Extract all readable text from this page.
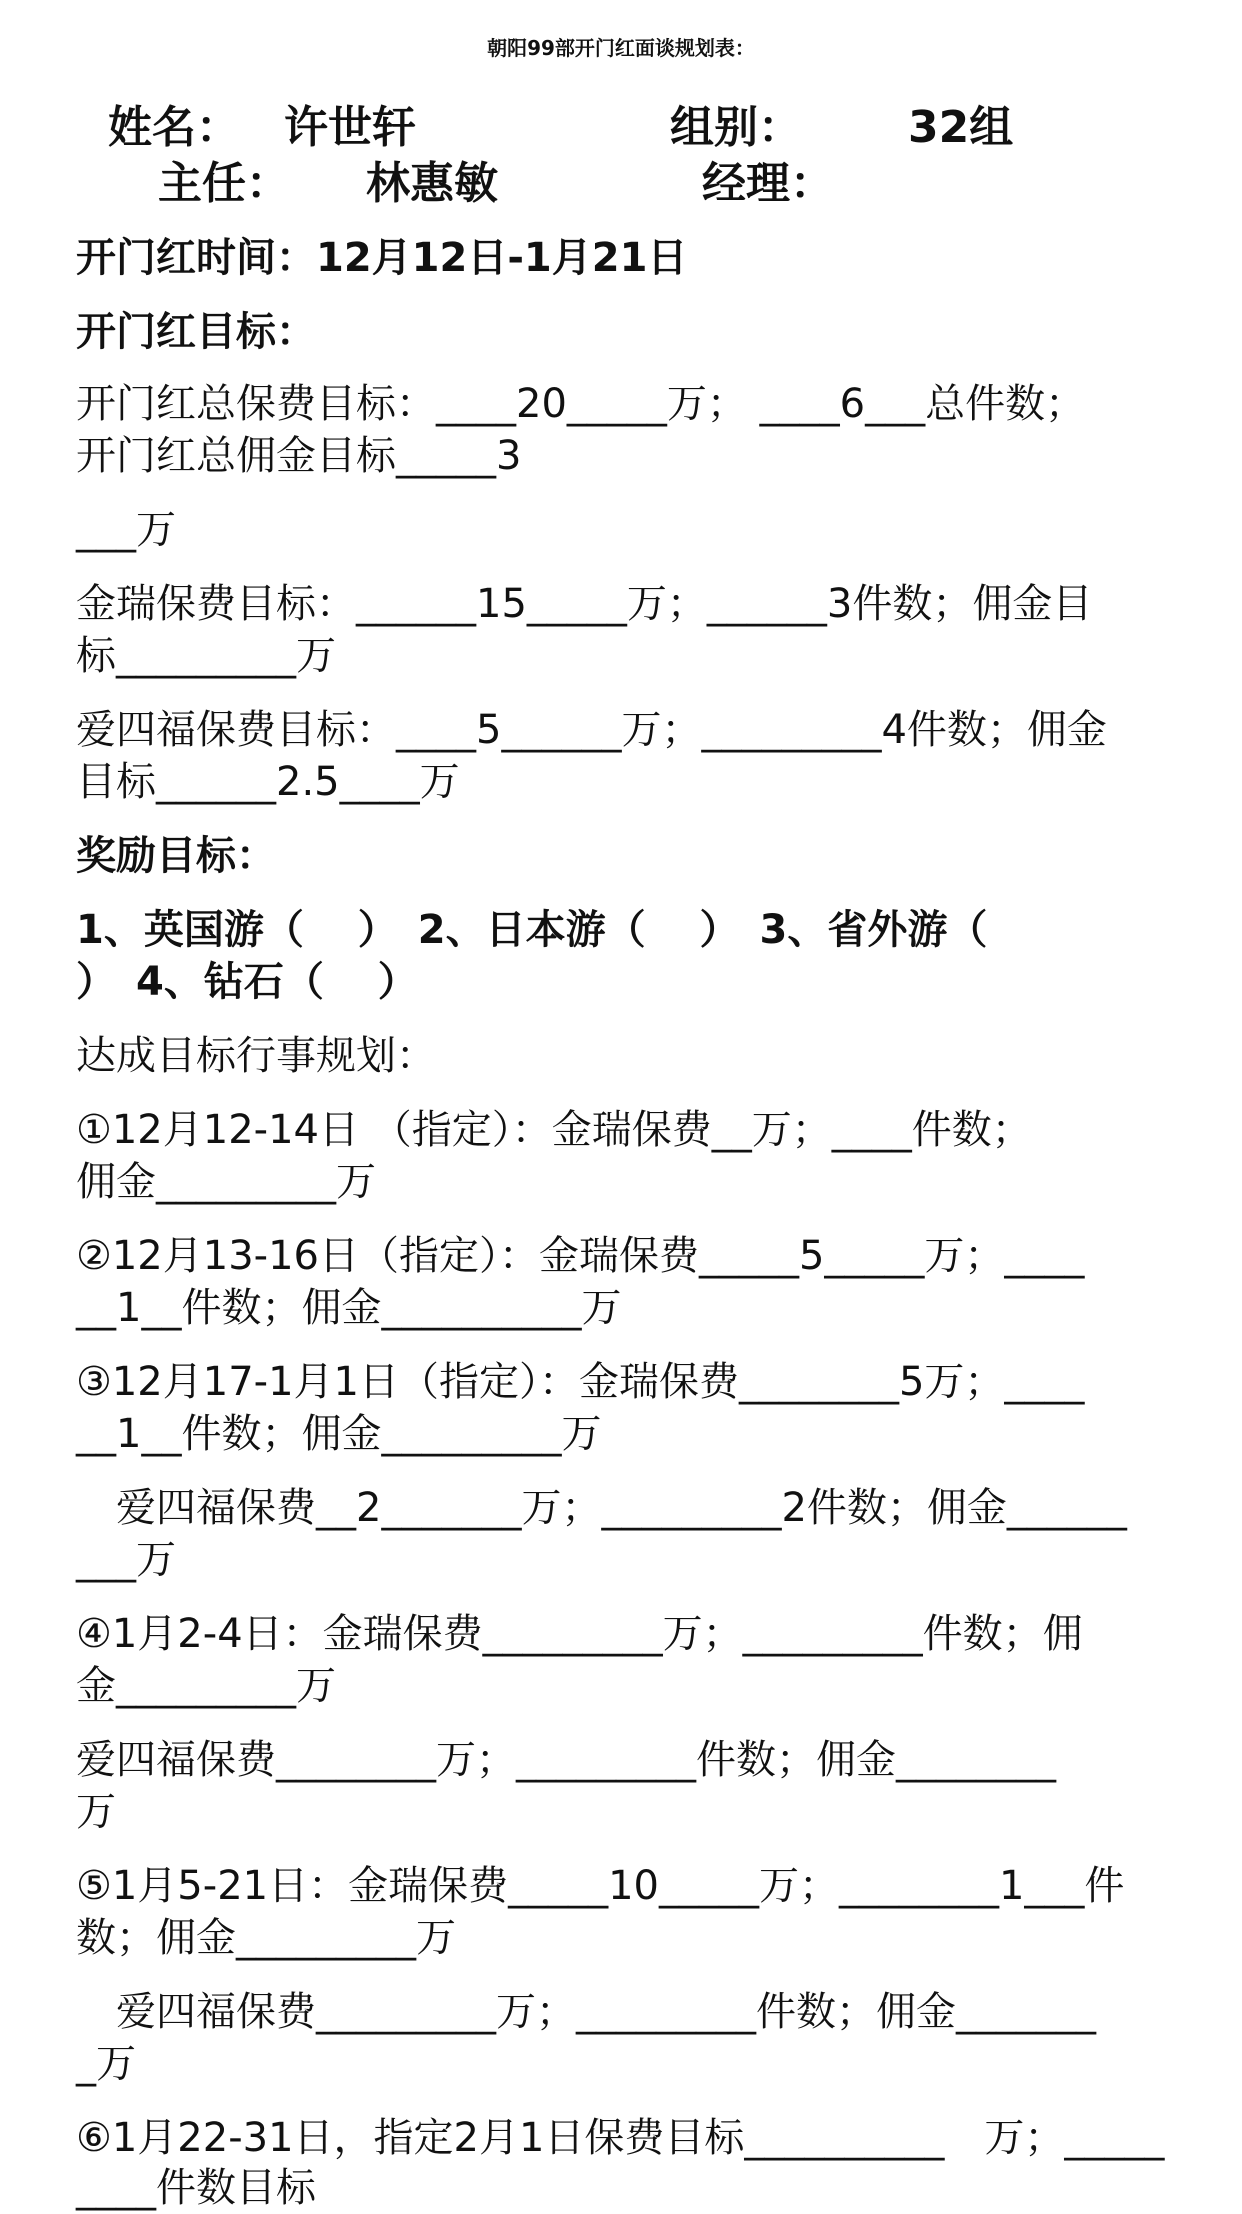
朝阳99部开门红面谈规划表：
姓名： 许世轩	组别： 32组
主任： 林惠敏	经理：
开门红时间：12月12日-1月21日
开门红目标：
开门红总保费目标：____20_____万； ____6___总件数；
开门红总佣金目标_____3
___万
金瑞保费目标：______15_____万；______3件数；佣金目
标_________万
爱四福保费目标：____5______万；_________4件数；佣金
目标______2.5____万
奖励目标：
1、英国游（　 ）　2、日本游（　 ）　3、省外游（
）　4、钻石（　 ）
达成目标行事规划：
①12月12-14日 （指定）：金瑞保费__万；____件数；
佣金_________万
②12月13-16日（指定）：金瑞保费_____5_____万；____
__1__件数；佣金__________万
③12月17-1月1日（指定）：金瑞保费________5万；____
__1__件数；佣金_________万
　爱四福保费__2_______万；_________2件数；佣金______
___万
④1月2-4日：金瑞保费_________万；_________件数；佣
金_________万
爱四福保费________万；_________件数；佣金________
万
⑤1月5-21日：金瑞保费_____10_____万；________1___件
数；佣金_________万
　爱四福保费_________万；_________件数；佣金_______
_万
⑥1月22-31日，指定2月1日保费目标__________　万；_____
____件数目标
